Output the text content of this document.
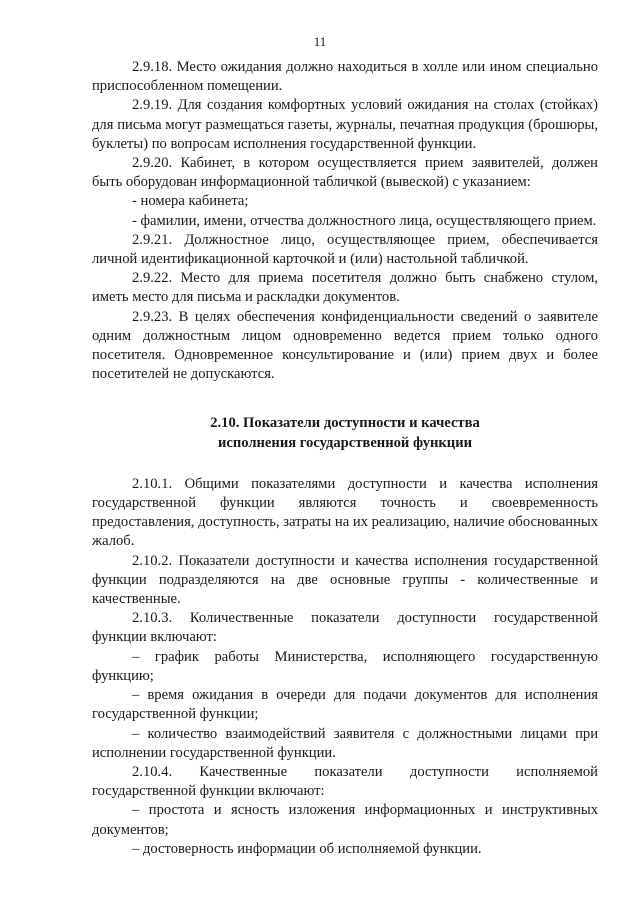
11

2.9.18. Место ожидания должно находиться в холле или ином специально приспособленном помещении.

2.9.19. Для создания комфортных условий ожидания на столах (стойках) для письма могут размещаться газеты, журналы, печатная продукция (брошюры, буклеты) по вопросам исполнения государственной функции.

2.9.20. Кабинет, в котором осуществляется прием заявителей, должен быть оборудован информационной табличкой (вывеской) с указанием:

- номера кабинета;

- фамилии, имени, отчества должностного лица, осуществляющего прием.

2.9.21. Должностное лицо, осуществляющее прием, обеспечивается личной идентификационной карточкой и (или) настольной табличкой.

2.9.22. Место для приема посетителя должно быть снабжено стулом, иметь место для письма и раскладки документов.

2.9.23. В целях обеспечения конфиденциальности сведений о заявителе одним должностным лицом одновременно ведется прием только одного посетителя. Одновременное консультирование и (или) прием двух и более посетителей не допускаются.

2.10. Показатели доступности и качества
исполнения государственной функции

2.10.1. Общими показателями доступности и качества исполнения государственной функции являются точность и своевременность предоставления, доступность, затраты на их реализацию, наличие обоснованных жалоб.

2.10.2. Показатели доступности и качества исполнения государственной функции подразделяются на две основные группы - количественные и качественные.

2.10.3. Количественные показатели доступности государственной функции включают:

– график работы Министерства, исполняющего государственную функцию;

– время ожидания в очереди для подачи документов для исполнения государственной функции;

– количество взаимодействий заявителя с должностными лицами при исполнении государственной функции.

2.10.4. Качественные показатели доступности исполняемой государственной функции включают:

– простота и ясность изложения информационных и инструктивных документов;

– достоверность информации об исполняемой функции.
